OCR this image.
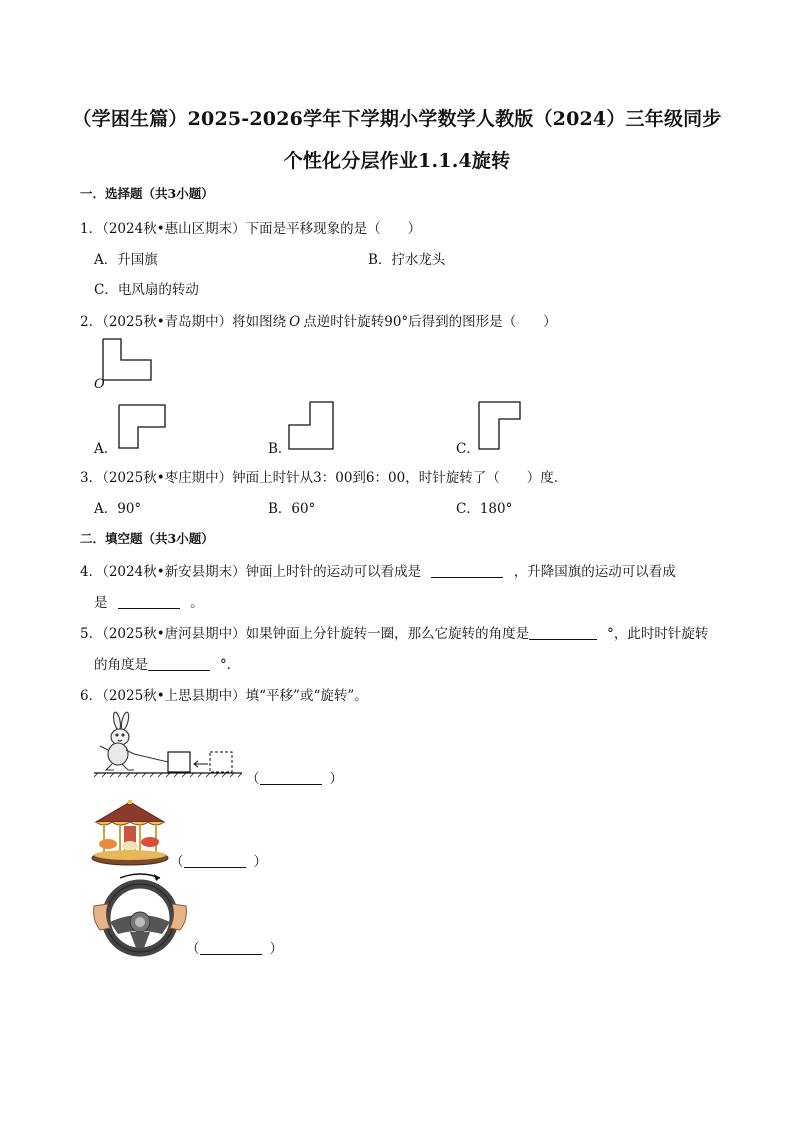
（学困生篇）2025-2026学年下学期小学数学人教版（2024）三年级同步
个性化分层作业1.1.4旋转
一．选择题（共3小题）
1．（2024秋•惠山区期末）下面是平移现象的是（　　）
A．升国旗	B．拧水龙头
C．电风扇的转动
2．（2025秋•青岛期中）将如图绕 O 点逆时针旋转90°后得到的图形是（　　）
O
A．	B．	C．
3．（2025秋•枣庄期中）钟面上时针从3：00到6：00，时针旋转了（　　）度．
A．90°	B．60°	C．180°
二．填空题（共3小题）
4．（2024秋•新安县期末）钟面上时针的运动可以看成是	，升降国旗的运动可以看成
是	。
5．（2025秋•唐河县期中）如果钟面上分针旋转一圈，那么它旋转的角度是	°，此时时针旋转
的角度是	°．
6．（2025秋•上思县期中）填“平移”或“旋转”。
（	）
（	）
（	）
